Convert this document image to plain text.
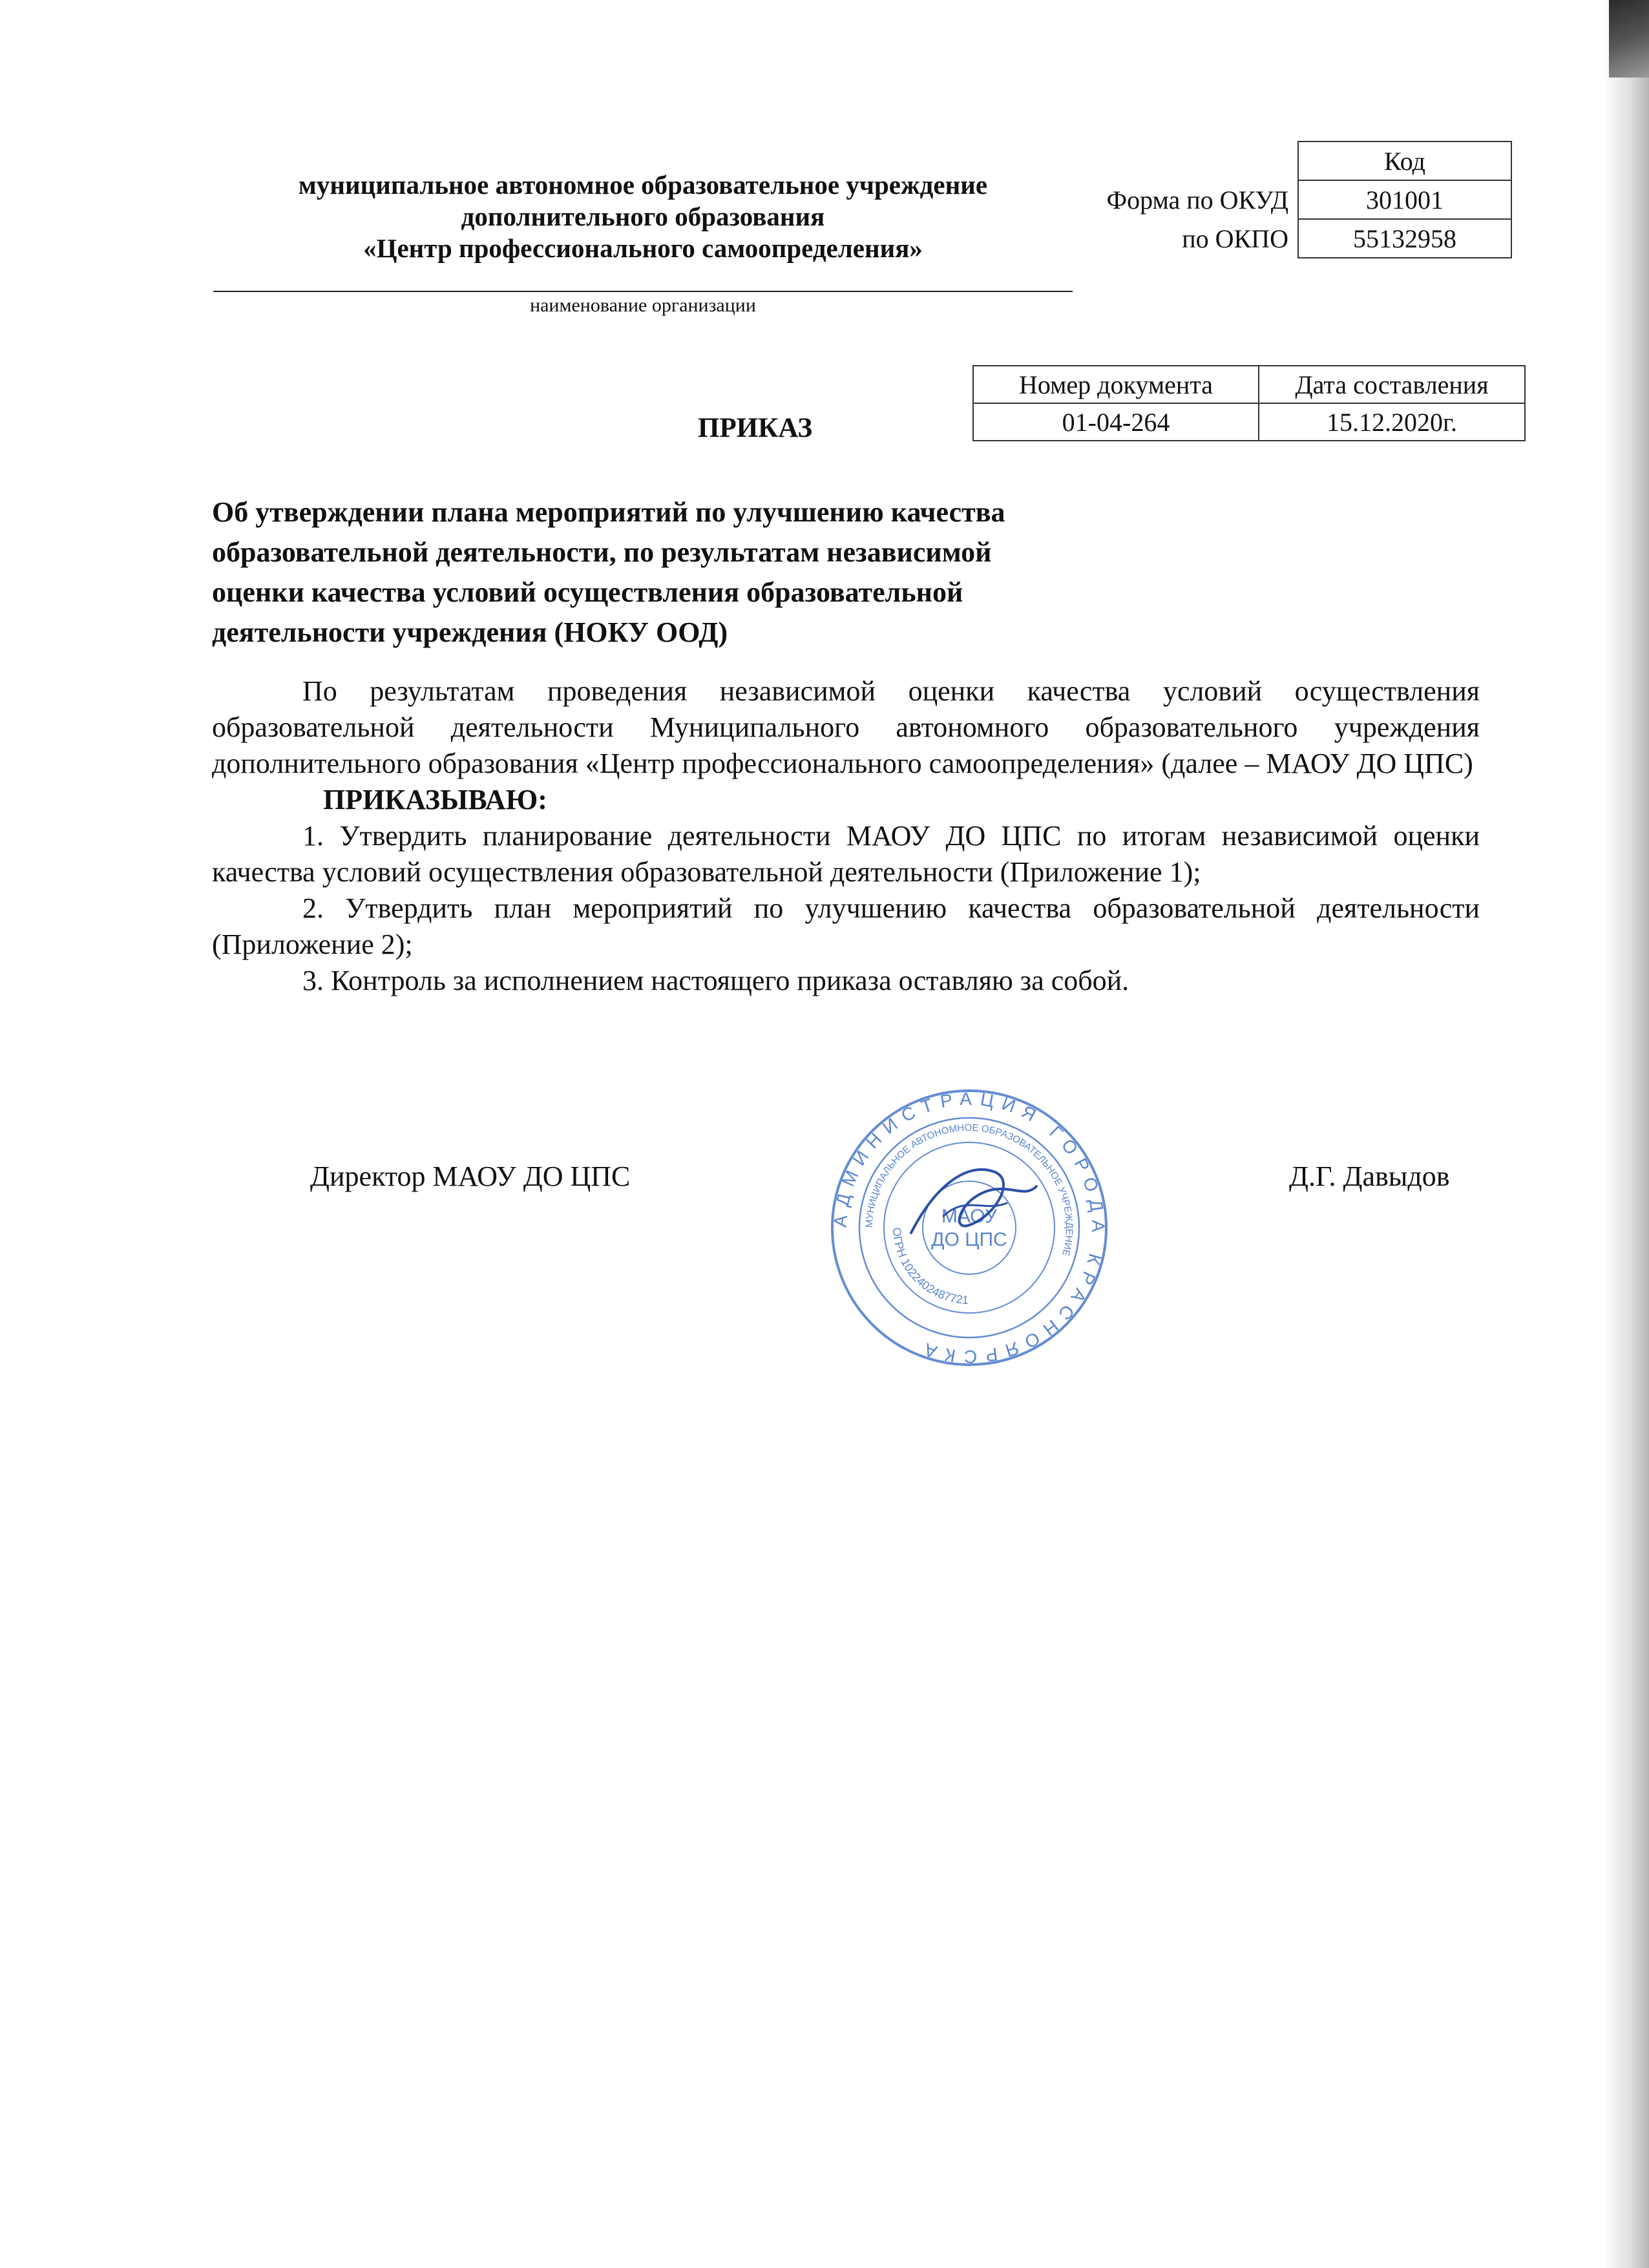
муниципальное автономное образовательное учреждение
дополнительного образования
«Центр профессионального самоопределения»
наименование организации
	Код
Форма по ОКУД	301001
по ОКПО	55132958
Номер документа	Дата составления
01-04-264	15.12.2020г.
ПРИКАЗ
Об утверждении плана мероприятий по улучшению качества
образовательной деятельности, по результатам независимой
оценки качества условий осуществления образовательной
деятельности учреждения (НОКУ ООД)

По результатам проведения независимой оценки качества условий осуществления образовательной деятельности Муниципального автономного образовательного учреждения дополнительного образования «Центр профессионального самоопределения» (далее – МАОУ ДО ЦПС)

ПРИКАЗЫВАЮ:

1. Утвердить планирование деятельности МАОУ ДО ЦПС по итогам независимой оценки качества условий осуществления образовательной деятельности (Приложение 1);

2. Утвердить план мероприятий по улучшению качества образовательной деятельности (Приложение 2);

3. Контроль за исполнением настоящего приказа оставляю за собой.

Директор МАОУ ДО ЦПС	Д.Г. Давыдов
АДМИНИСТРАЦИЯ ГОРОДА КРАСНОЯРСКА
МУНИЦИПАЛЬНОЕ АВТОНОМНОЕ ОБРАЗОВАТЕЛЬНОЕ УЧРЕЖДЕНИЕ
ОГРН 1022402487721
МАОУ
ДО ЦПС
